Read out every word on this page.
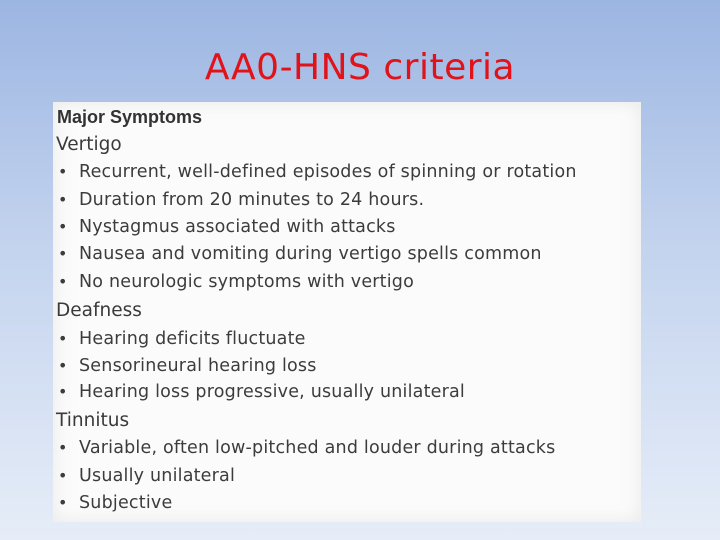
AA0-HNS criteria
Major Symptoms
Vertigo
• Recurrent, well-defined episodes of spinning or rotation
• Duration from 20 minutes to 24 hours.
• Nystagmus associated with attacks
• Nausea and vomiting during vertigo spells common
• No neurologic symptoms with vertigo
Deafness
• Hearing deficits fluctuate
• Sensorineural hearing loss
• Hearing loss progressive, usually unilateral
Tinnitus
• Variable, often low-pitched and louder during attacks
• Usually unilateral
• Subjective
